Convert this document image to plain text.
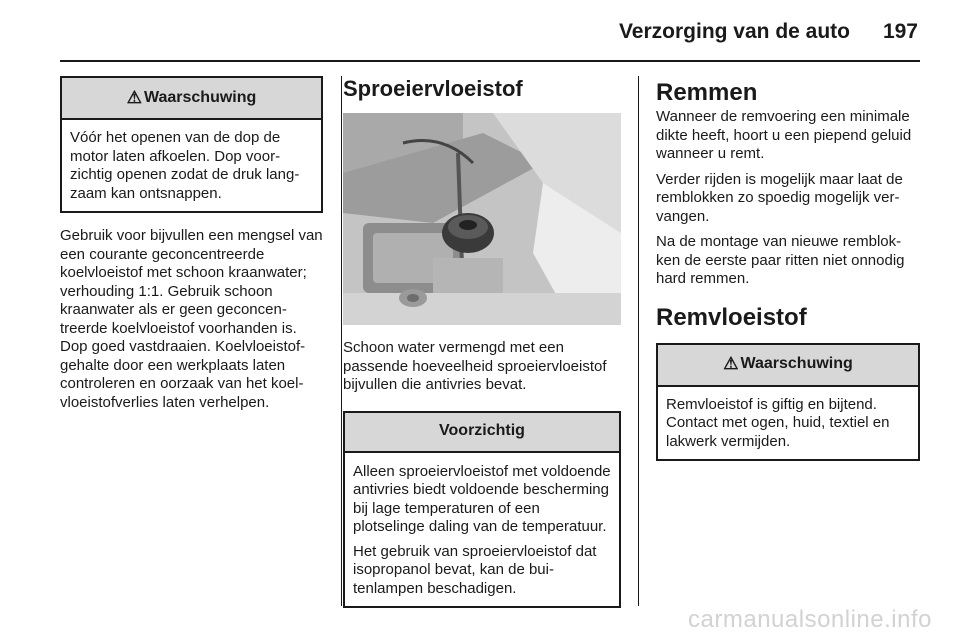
Verzorging van de auto 197
⚠ Waarschuwing

Vóór het openen van de dop de motor laten afkoelen. Dop voorzichtig openen zodat de druk langzaam kan ontsnappen.

Gebruik voor bijvullen een mengsel van een courante geconcentreerde koelvloeistof met schoon kraanwater; verhouding 1:1. Gebruik schoon kraanwater als er geen geconcentreerde koelvloeistof voorhanden is. Dop goed vastdraaien. Koelvloeistofgehalte door een werkplaats laten controleren en oorzaak van het koelvloeistofverlies laten verhelpen.

Sproeiervloeistof

Schoon water vermengd met een passende hoeveelheid sproeiervloeistof bijvullen die antivries bevat.

Voorzichtig

Alleen sproeiervloeistof met voldoende antivries biedt voldoende bescherming bij lage temperaturen of een plotselinge daling van de temperatuur.

Het gebruik van sproeiervloeistof dat isopropanol bevat, kan de buitenlampen beschadigen.

Remmen

Wanneer de remvoering een minimale dikte heeft, hoort u een piepend geluid wanneer u remt.

Verder rijden is mogelijk maar laat de remblokken zo spoedig mogelijk vervangen.

Na de montage van nieuwe remblokken de eerste paar ritten niet onnodig hard remmen.

Remvloeistof
⚠ Waarschuwing

Remvloeistof is giftig en bijtend. Contact met ogen, huid, textiel en lakwerk vermijden.

carmanualsonline.info
